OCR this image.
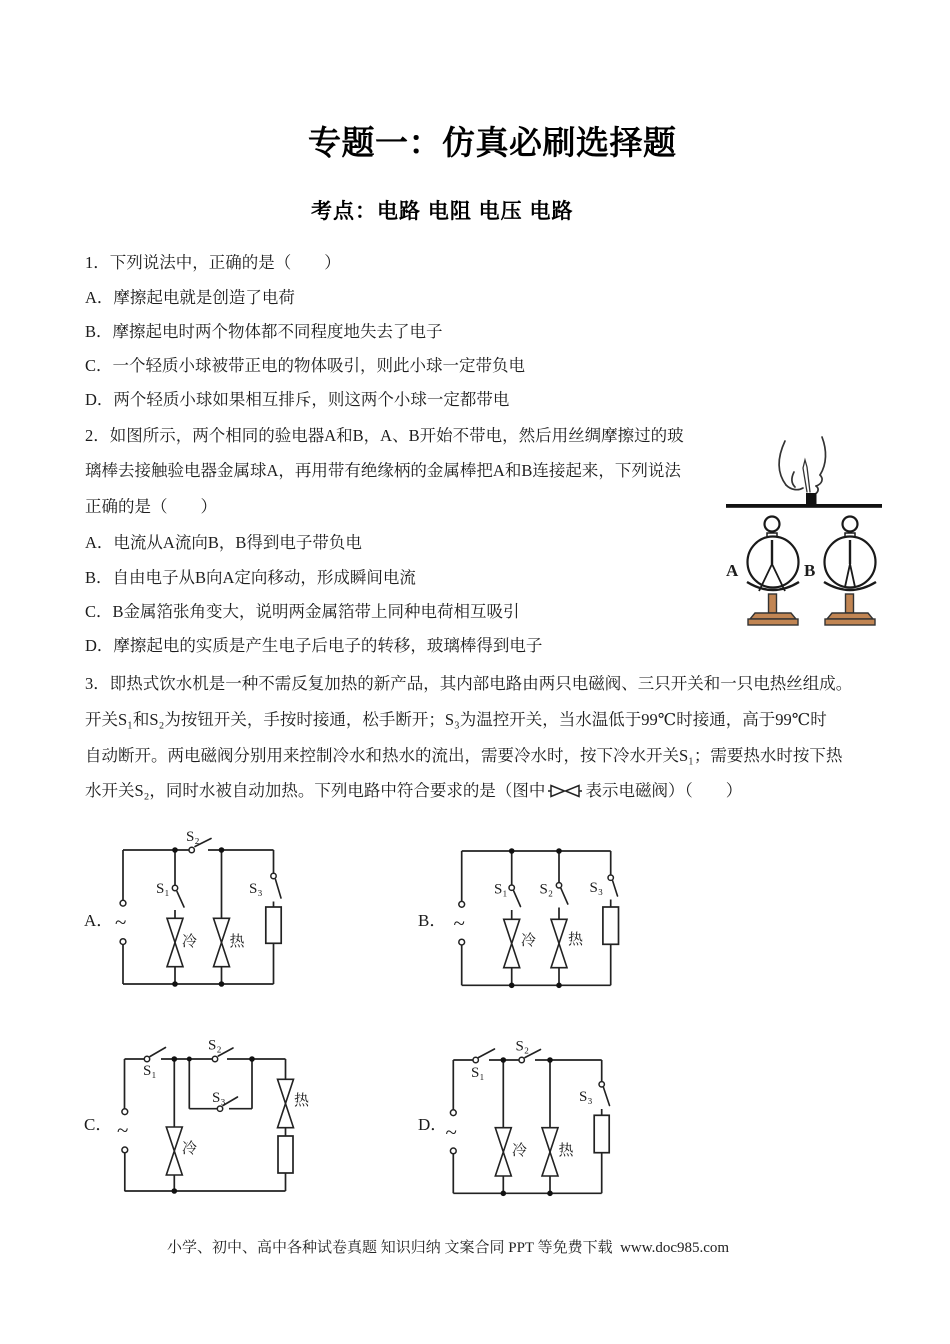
专题一：仿真必刷选择题
考点：电路 电阻 电压 电路
1．下列说法中，正确的是（　　）
A．摩擦起电就是创造了电荷
B．摩擦起电时两个物体都不同程度地失去了电子
C．一个轻质小球被带正电的物体吸引，则此小球一定带负电
D．两个轻质小球如果相互排斥，则这两个小球一定都带电
2．如图所示，两个相同的验电器A和B，A、B开始不带电，然后用丝绸摩擦过的玻
璃棒去接触验电器金属球A，再用带有绝缘柄的金属棒把A和B连接起来，下列说法
正确的是（　　）
A．电流从A流向B，B得到电子带负电
B．自由电子从B向A定向移动，形成瞬间电流
C．B金属箔张角变大，说明两金属箔带上同种电荷相互吸引
D．摩擦起电的实质是产生电子后电子的转移，玻璃棒得到电子
A	B
3．即热式饮水机是一种不需反复加热的新产品，其内部电路由两只电磁阀、三只开关和一只电热丝组成。
开关S₁和S₂为按钮开关，手按时接通，松手断开；S₃为温控开关，当水温低于99℃时接通，高于99℃时
自动断开。两电磁阀分别用来控制冷水和热水的流出，需要冷水时，按下冷水开关S₁；需要热水时按下热
水开关S₂，同时水被自动加热。下列电路中符合要求的是（图中 表示电磁阀）（　　）
A． ~
S₂
S₁	S₃
冷 热
B． ~
S₁ S₂ S₃
冷 热
C． ~
S₁
S₂
S₃
冷
热
D．
~
S₁
S₂
S₃
冷 热
小学、初中、高中各种试卷真题 知识归纳 文案合同 PPT 等免费下载  www.doc985.com
